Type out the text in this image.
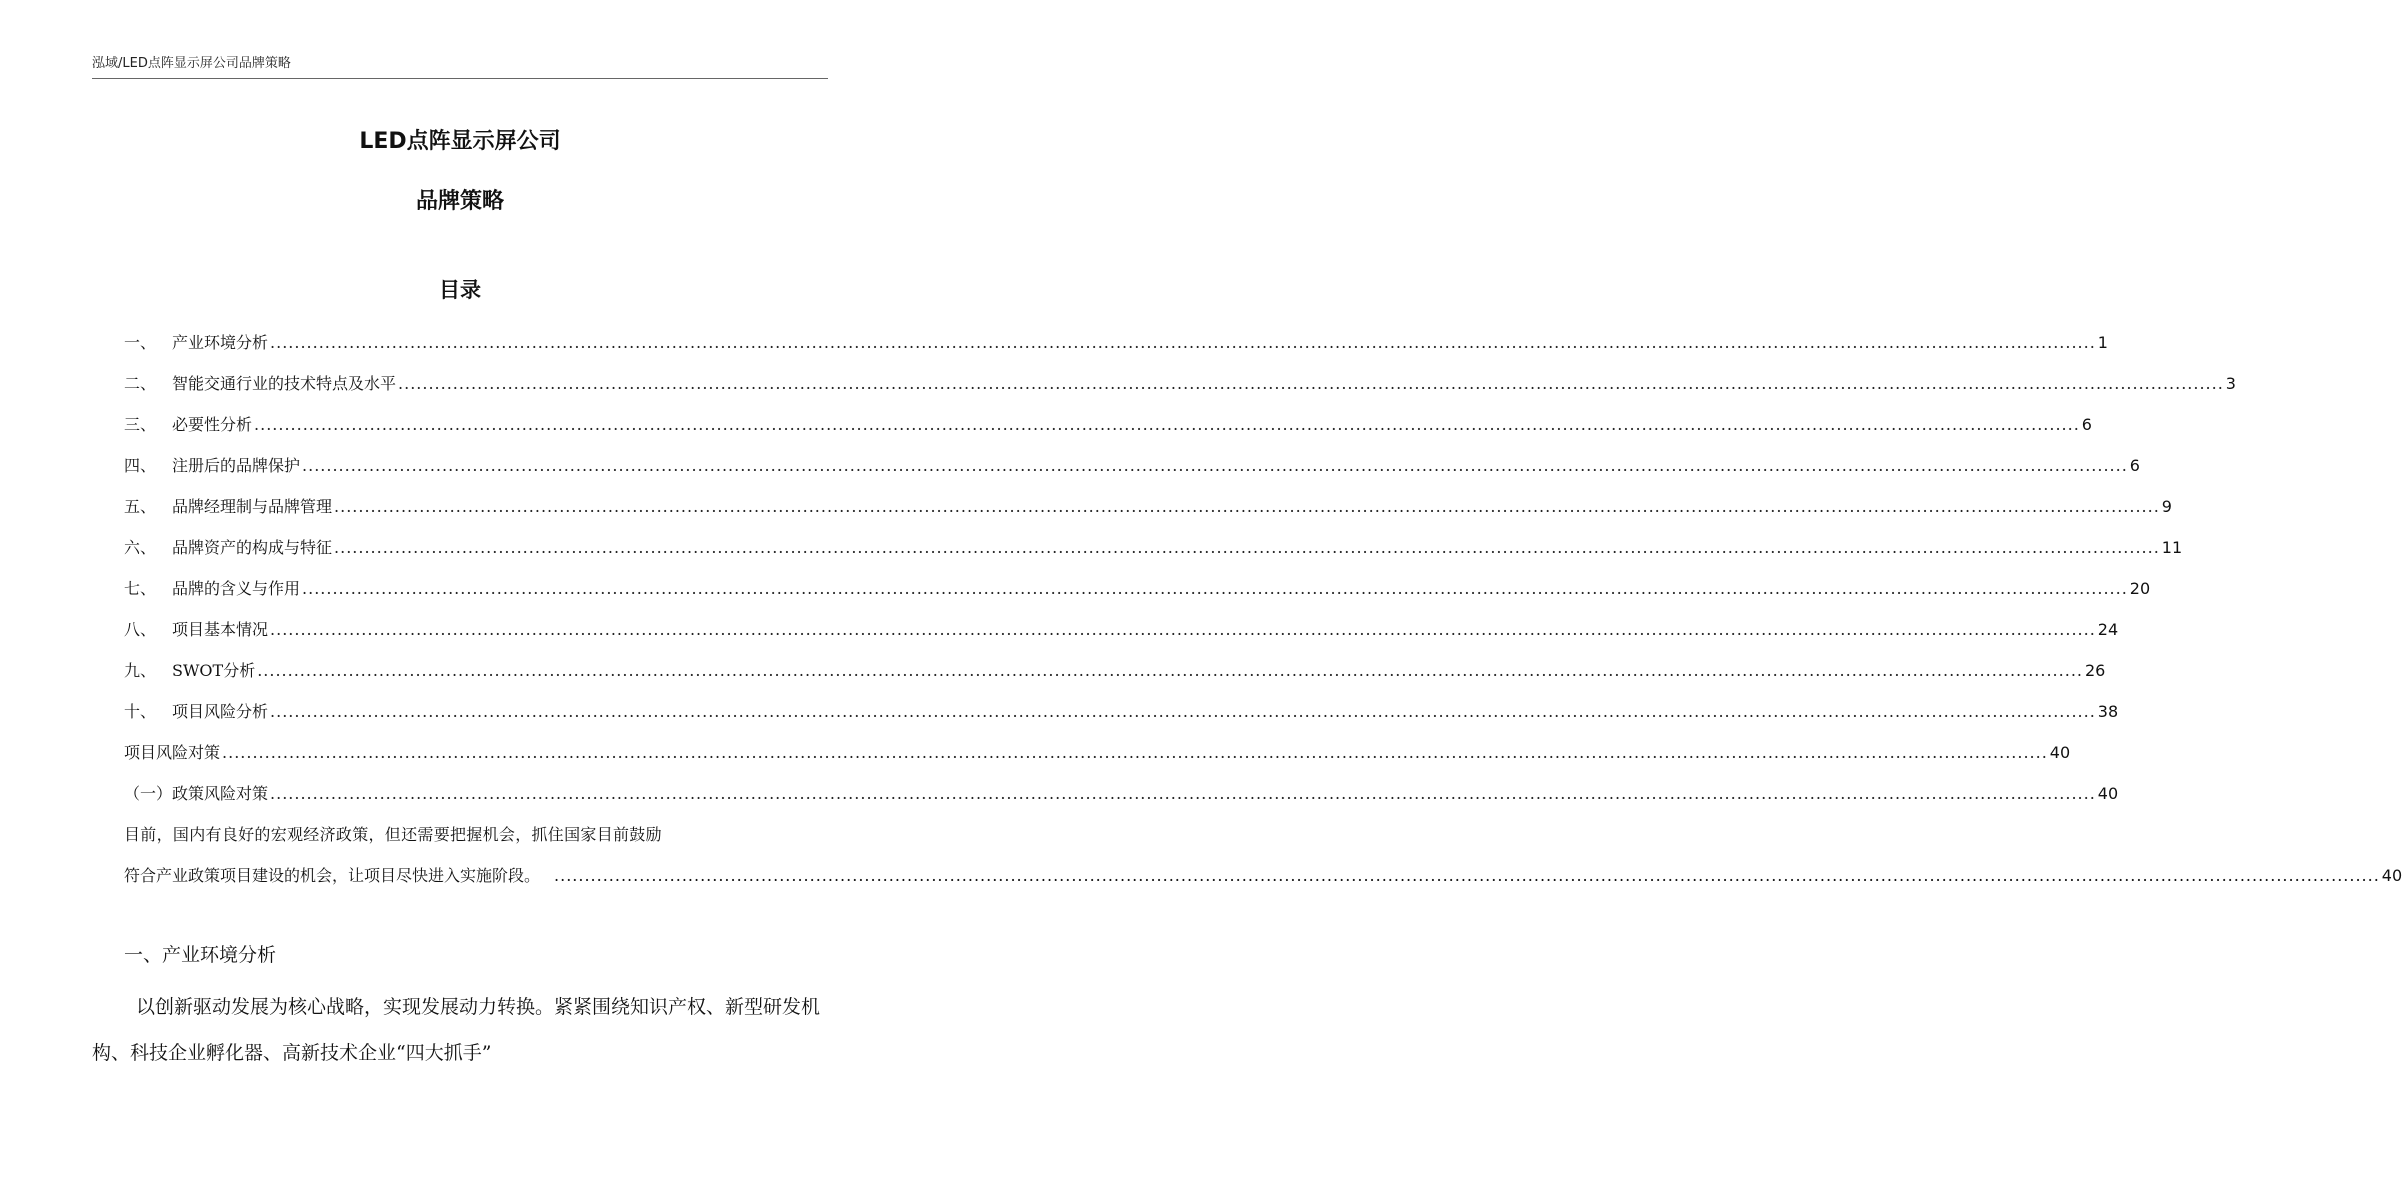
泓域/LED点阵显示屏公司品牌策略
LED点阵显示屏公司
品牌策略
目录
一、 产业环境分析 ............................................................................................................................................................................................................................................................................................................ 1
二、 智能交通行业的技术特点及水平 ............................................................................................................................................................................................................................................................................................................ 3
三、 必要性分析 ............................................................................................................................................................................................................................................................................................................ 6
四、 注册后的品牌保护 ............................................................................................................................................................................................................................................................................................................ 6
五、 品牌经理制与品牌管理 ............................................................................................................................................................................................................................................................................................................ 9
六、 品牌资产的构成与特征 ............................................................................................................................................................................................................................................................................................................ 11
七、 品牌的含义与作用 ............................................................................................................................................................................................................................................................................................................ 20
八、 项目基本情况 ............................................................................................................................................................................................................................................................................................................ 24
九、 SWOT分析 ............................................................................................................................................................................................................................................................................................................ 26
十、 项目风险分析 ............................................................................................................................................................................................................................................................................................................ 38
项目风险对策 ............................................................................................................................................................................................................................................................................................................ 40
（一）政策风险对策 ............................................................................................................................................................................................................................................................................................................ 40
目前，国内有良好的宏观经济政策，但还需要把握机会，抓住国家目前鼓励
符合产业政策项目建设的机会，让项目尽快进入实施阶段。 ............................................................................................................................................................................................................................................................................................................ 40
一、产业环境分析
以创新驱动发展为核心战略，实现发展动力转换。紧紧围绕知识产权、新型研发机构、科技企业孵化器、高新技术企业“四大抓手”
